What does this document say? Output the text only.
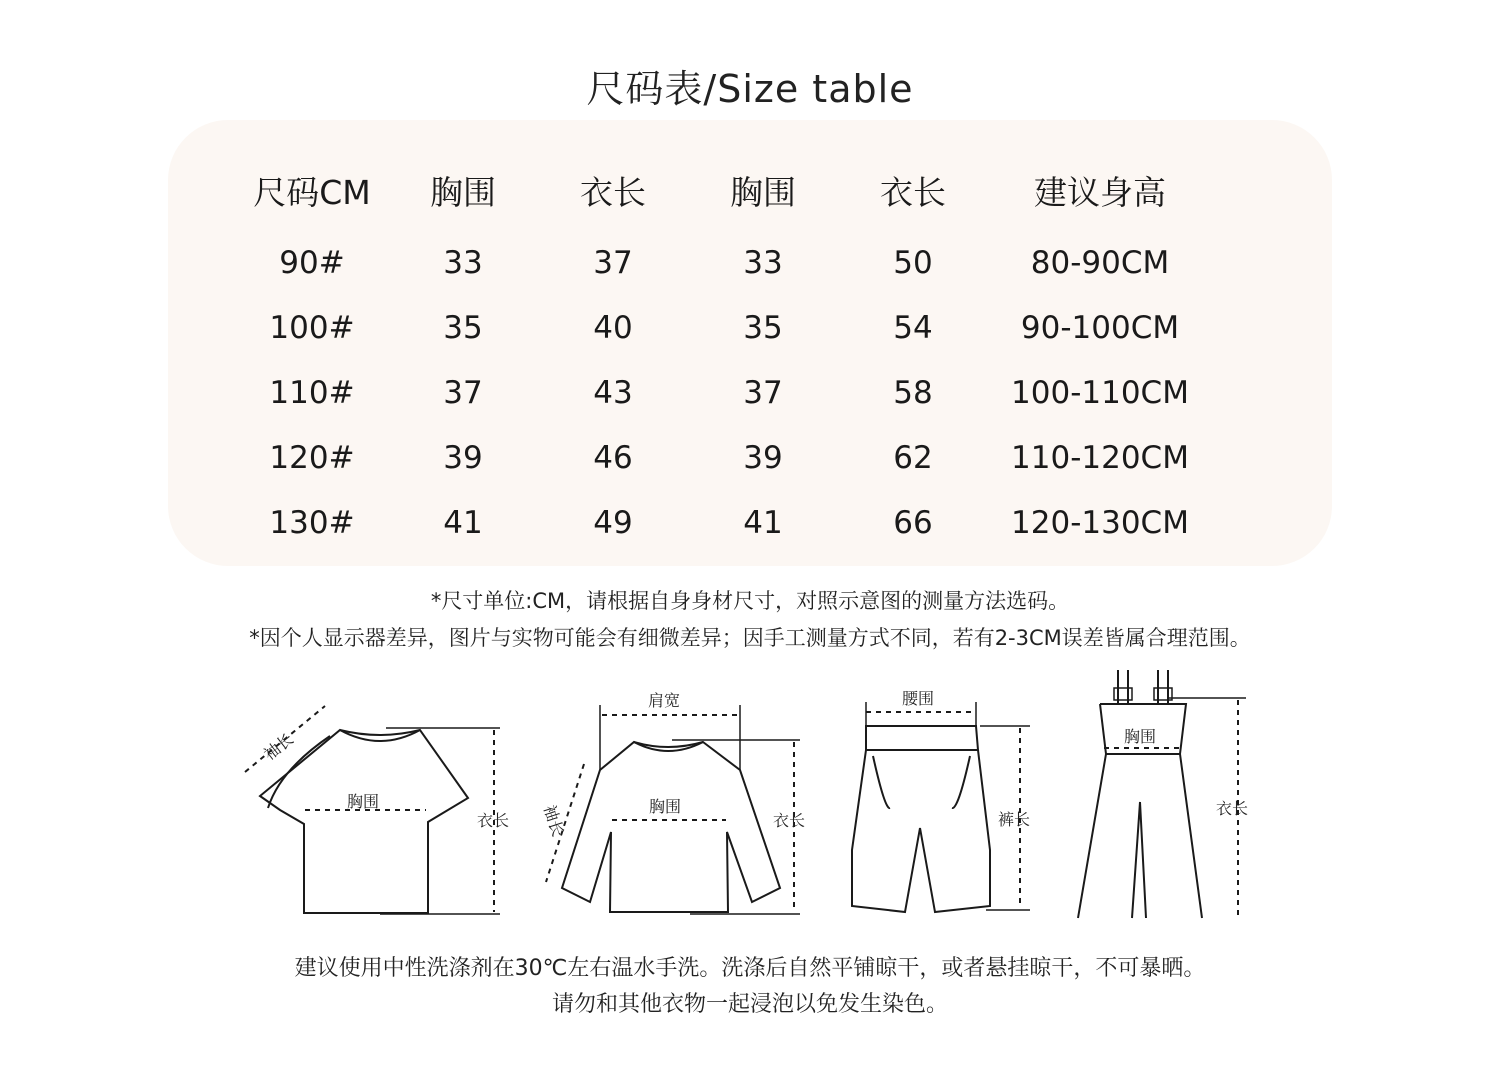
尺码表/Size table
尺码CM	胸围	衣长	胸围	衣长	建议身高
90#	33	37	33	50	80-90CM
100#	35	40	35	54	90-100CM
110#	37	43	37	58	100-110CM
120#	39	46	39	62	110-120CM
130#	41	49	41	66	120-130CM
*尺寸单位:CM，请根据自身身材尺寸，对照示意图的测量方法选码。
*因个人显示器差异，图片与实物可能会有细微差异；因手工测量方式不同，若有2-3CM误差皆属合理范围。
胸围
衣长
袖长
肩宽
胸围
衣长
袖长
腰围
裤长
胸围
衣长
建议使用中性洗涤剂在30℃左右温水手洗。洗涤后自然平铺晾干，或者悬挂晾干，不可暴晒。
请勿和其他衣物一起浸泡以免发生染色。
